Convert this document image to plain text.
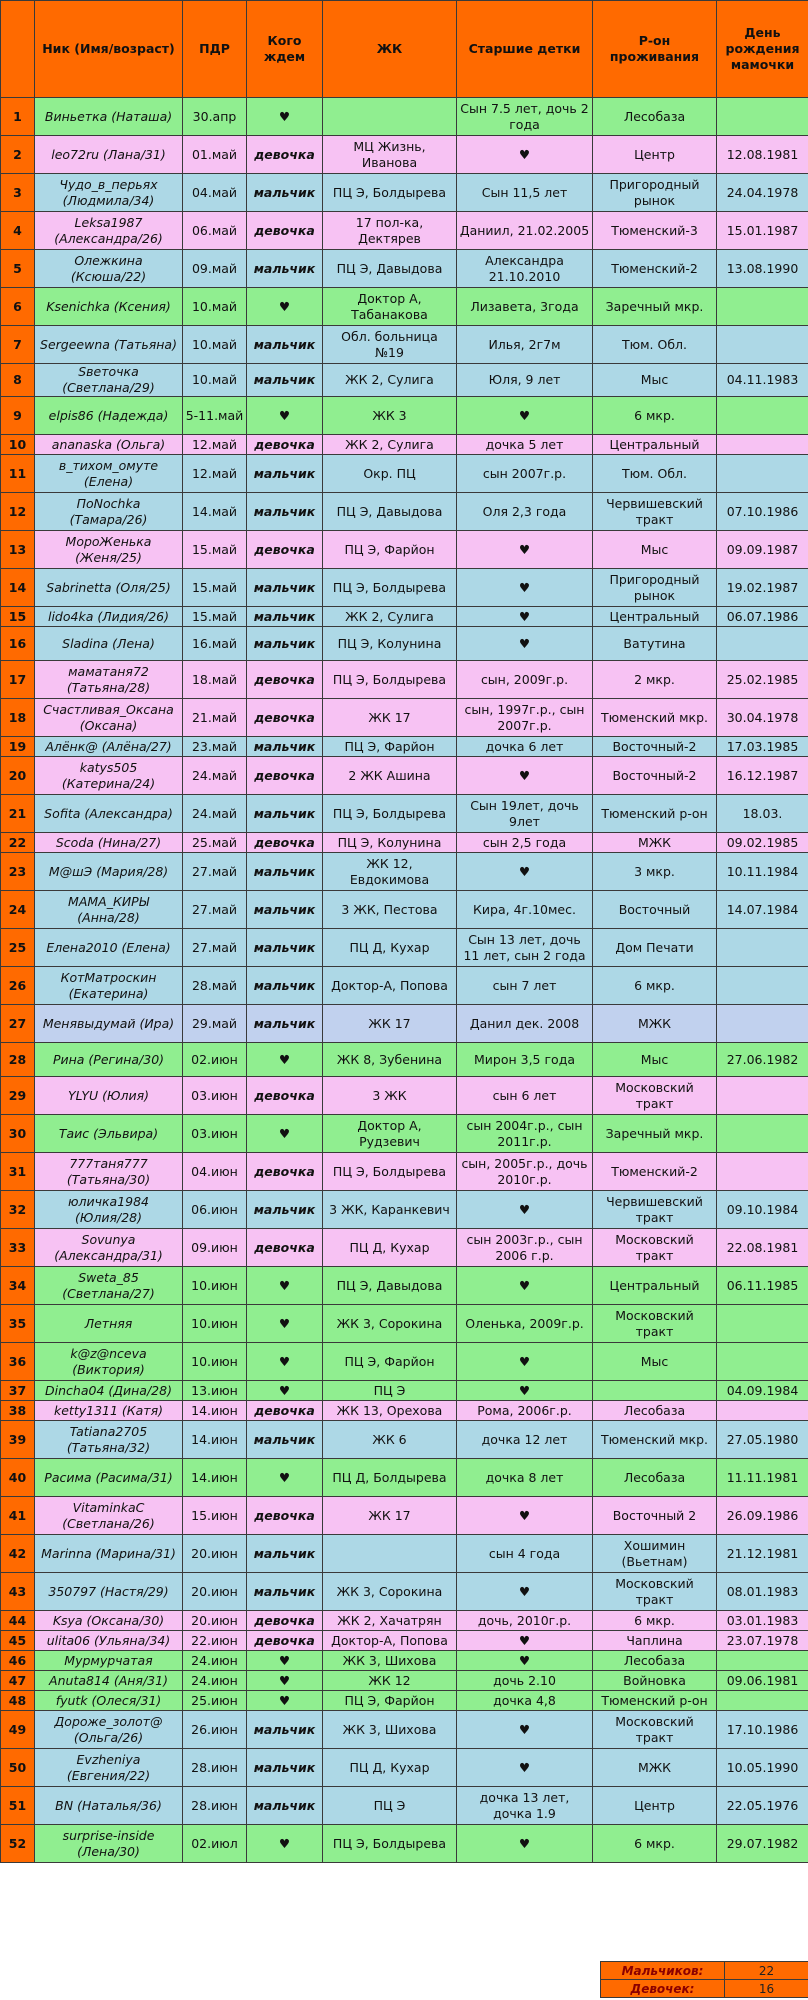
	Ник (Имя/возраст)	ПДР	Кого ждем	ЖК	Старшие детки	Р-он проживания	День рождения мамочки
1	Виньетка (Наташа)	30.апр	♥		Сын 7.5 лет, дочь 2 года	Лесобаза	
2	leo72ru (Лана/31)	01.май	девочка	МЦ Жизнь, Иванова	♥	Центр	12.08.1981
3	Чудо_в_перьях (Людмила/34)	04.май	мальчик	ПЦ Э, Болдырева	Сын 11,5 лет	Пригородный рынок	24.04.1978
4	Leksa1987 (Александра/26)	06.май	девочка	17 пол-ка, Дектярев	Даниил, 21.02.2005	Тюменский-3	15.01.1987
5	Олежкина (Ксюша/22)	09.май	мальчик	ПЦ Э, Давыдова	Александра 21.10.2010	Тюменский-2	13.08.1990
6	Ksenichka (Ксения)	10.май	♥	Доктор А, Табанакова	Лизавета, 3года	Заречный мкр.	
7	Sergeewna (Татьяна)	10.май	мальчик	Обл. больница №19	Илья, 2г7м	Тюм. Обл.	
8	Sветочка (Светлана/29)	10.май	мальчик	ЖК 2, Сулига	Юля, 9 лет	Мыс	04.11.1983
9	elpis86 (Надежда)	5-11.май	♥	ЖК 3	♥	6 мкр.	
10	ananaska (Ольга)	12.май	девочка	ЖК 2, Сулига	дочка 5 лет	Центральный	
11	в_тихом_омуте (Елена)	12.май	мальчик	Окр. ПЦ	сын 2007г.р.	Тюм. Обл.	
12	ПоNochka (Тамара/26)	14.май	мальчик	ПЦ Э, Давыдова	Оля 2,3 года	Червишевский тракт	07.10.1986
13	МороЖенька (Женя/25)	15.май	девочка	ПЦ Э, Фарйон	♥	Мыс	09.09.1987
14	Sabrinetta (Оля/25)	15.май	мальчик	ПЦ Э, Болдырева	♥	Пригородный рынок	19.02.1987
15	lido4ka (Лидия/26)	15.май	мальчик	ЖК 2, Сулига	♥	Центральный	06.07.1986
16	Sladina (Лена)	16.май	мальчик	ПЦ Э, Колунина	♥	Ватутина	
17	маматаня72 (Татьяна/28)	18.май	девочка	ПЦ Э, Болдырева	сын, 2009г.р.	2 мкр.	25.02.1985
18	Счастливая_Оксана (Оксана)	21.май	девочка	ЖК 17	сын, 1997г.р., сын 2007г.р.	Тюменский мкр.	30.04.1978
19	Алёнк@ (Алёна/27)	23.май	мальчик	ПЦ Э, Фарйон	дочка 6 лет	Восточный-2	17.03.1985
20	katys505 (Катерина/24)	24.май	девочка	2 ЖК Ашина	♥	Восточный-2	16.12.1987
21	Sofita (Александра)	24.май	мальчик	ПЦ Э, Болдырева	Сын 19лет, дочь 9лет	Тюменский р-он	18.03.
22	Scoda (Нина/27)	25.май	девочка	ПЦ Э, Колунина	сын 2,5 года	МЖК	09.02.1985
23	М@шЭ (Мария/28)	27.май	мальчик	ЖК 12, Евдокимова	♥	3 мкр.	10.11.1984
24	МАМА_КИРЫ (Анна/28)	27.май	мальчик	3 ЖК, Пестова	Кира, 4г.10мес.	Восточный	14.07.1984
25	Елена2010 (Елена)	27.май	мальчик	ПЦ Д, Кухар	Сын 13 лет, дочь 11 лет, сын 2 года	Дом Печати	
26	КотМатроскин (Екатерина)	28.май	мальчик	Доктор-А, Попова	сын 7 лет	6 мкр.	
27	Менявыдумай (Ира)	29.май	мальчик	ЖК 17	Данил дек. 2008	МЖК	
28	Рина (Регина/30)	02.июн	♥	ЖК 8, Зубенина	Мирон 3,5 года	Мыс	27.06.1982
29	YLYU (Юлия)	03.июн	девочка	3 ЖК	сын 6 лет	Московский тракт	
30	Таис (Эльвира)	03.июн	♥	Доктор А, Рудзевич	сын 2004г.р., сын 2011г.р.	Заречный мкр.	
31	777таня777 (Татьяна/30)	04.июн	девочка	ПЦ Э, Болдырева	сын, 2005г.р., дочь 2010г.р.	Тюменский-2	
32	юличка1984 (Юлия/28)	06.июн	мальчик	3 ЖК, Каранкевич	♥	Червишевский тракт	09.10.1984
33	Sovunya (Александра/31)	09.июн	девочка	ПЦ Д, Кухар	сын 2003г.р., сын 2006 г.р.	Московский тракт	22.08.1981
34	Sweta_85 (Светлана/27)	10.июн	♥	ПЦ Э, Давыдова	♥	Центральный	06.11.1985
35	Летняя	10.июн	♥	ЖК 3, Сорокина	Оленька, 2009г.р.	Московский тракт	
36	k@z@nceva (Виктория)	10.июн	♥	ПЦ Э, Фарйон	♥	Мыс	
37	Dincha04 (Дина/28)	13.июн	♥	ПЦ Э	♥		04.09.1984
38	ketty1311 (Катя)	14.июн	девочка	ЖК 13, Орехова	Рома, 2006г.р.	Лесобаза	
39	Tatiana2705 (Татьяна/32)	14.июн	мальчик	ЖК 6	дочка 12 лет	Тюменский мкр.	27.05.1980
40	Расима (Расима/31)	14.июн	♥	ПЦ Д, Болдырева	дочка 8 лет	Лесобаза	11.11.1981
41	VitaminkaC (Светлана/26)	15.июн	девочка	ЖК 17	♥	Восточный 2	26.09.1986
42	Marinna (Марина/31)	20.июн	мальчик		сын 4 года	Хошимин (Вьетнам)	21.12.1981
43	350797 (Настя/29)	20.июн	мальчик	ЖК 3, Сорокина	♥	Московский тракт	08.01.1983
44	Ksya (Оксана/30)	20.июн	девочка	ЖК 2, Хачатрян	дочь, 2010г.р.	6 мкр.	03.01.1983
45	ulita06 (Ульяна/34)	22.июн	девочка	Доктор-А, Попова	♥	Чаплина	23.07.1978
46	Мурмурчатая	24.июн	♥	ЖК 3, Шихова	♥	Лесобаза	
47	Anuta814 (Аня/31)	24.июн	♥	ЖК 12	дочь 2.10	Войновка	09.06.1981
48	fyutk (Олеся/31)	25.июн	♥	ПЦ Э, Фарйон	дочка 4,8	Тюменский р-он	
49	Дороже_золот@ (Ольга/26)	26.июн	мальчик	ЖК 3, Шихова	♥	Московский тракт	17.10.1986
50	Evzheniya (Евгения/22)	28.июн	мальчик	ПЦ Д, Кухар	♥	МЖК	10.05.1990
51	BN (Наталья/36)	28.июн	мальчик	ПЦ Э	дочка 13 лет, дочка 1.9	Центр	22.05.1976
52	surprise-inside (Лена/30)	02.июл	♥	ПЦ Э, Болдырева	♥	6 мкр.	29.07.1982
Мальчиков:	22
Девочек:	16
